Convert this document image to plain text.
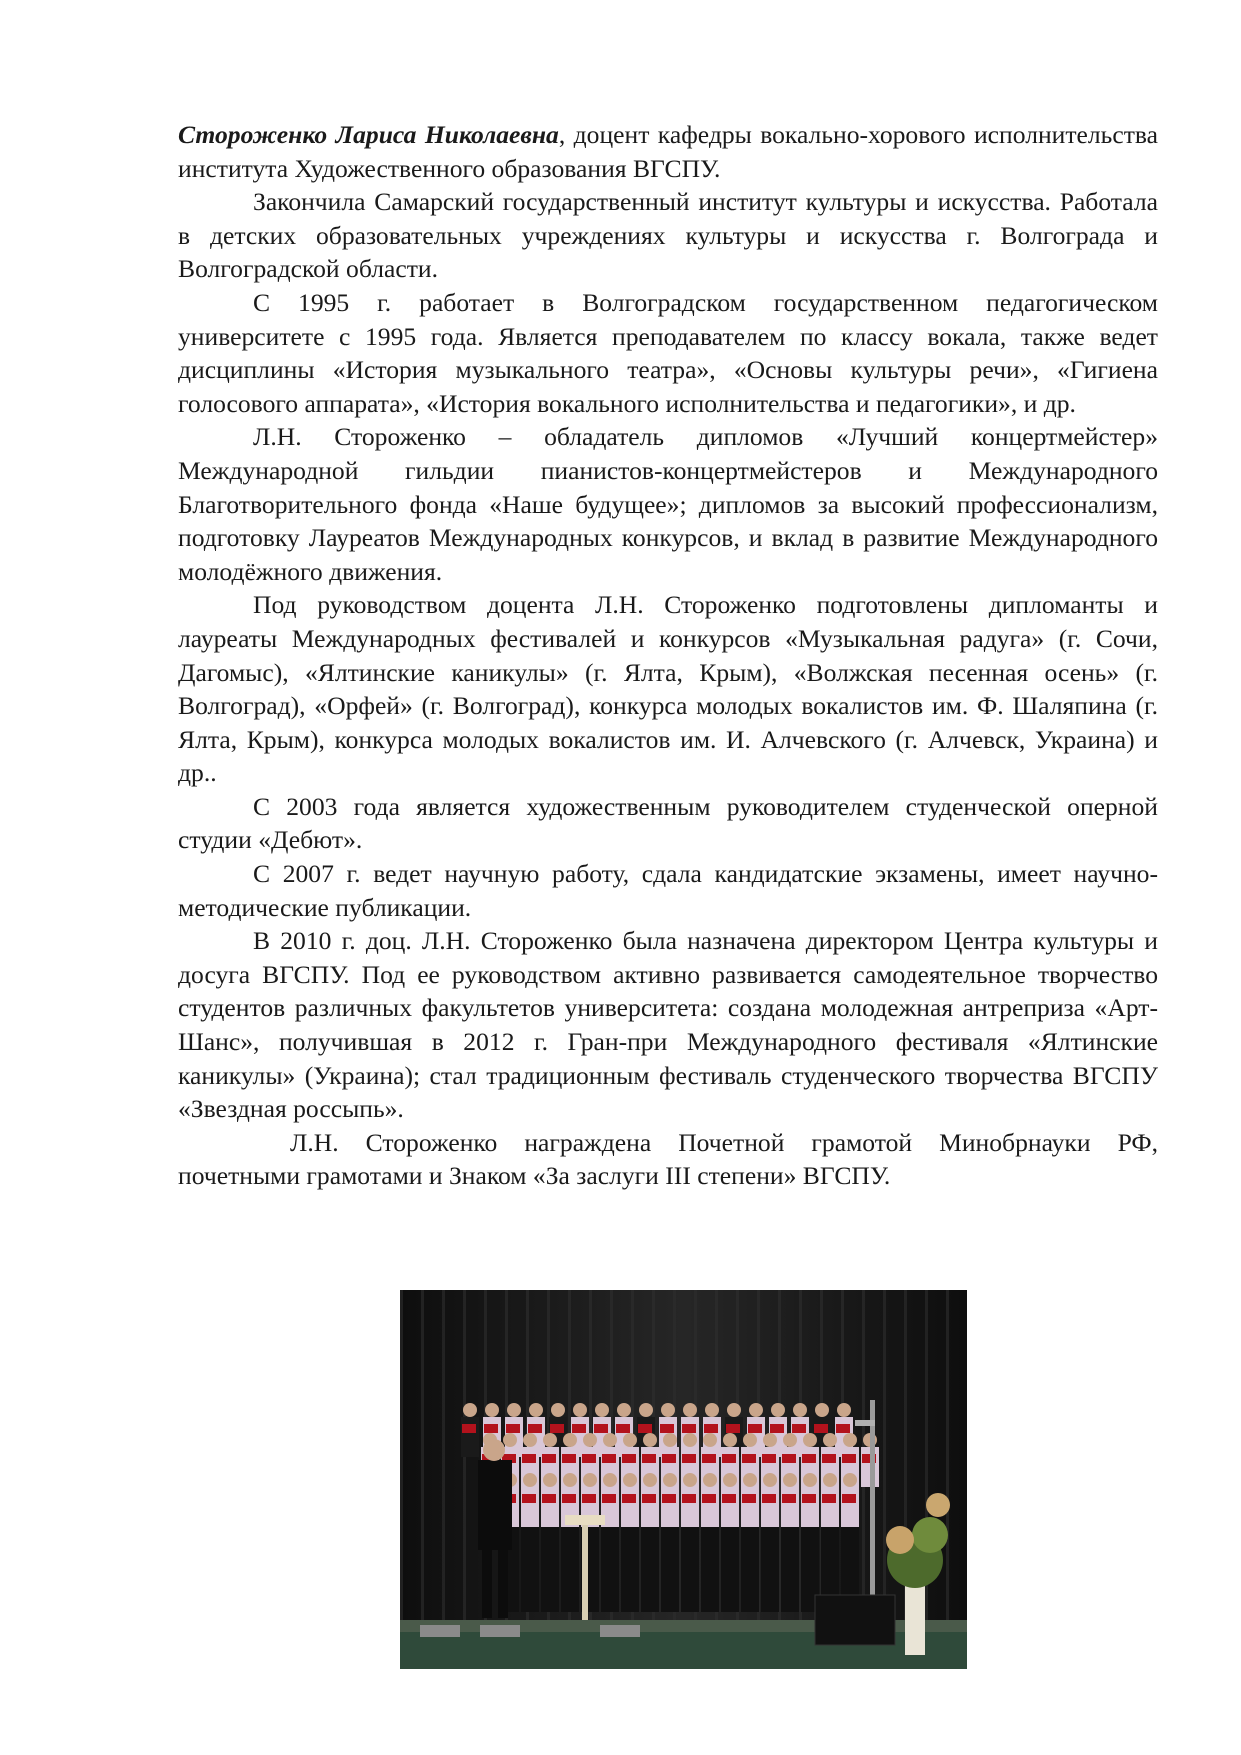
Стороженко Лариса Николаевна, доцент кафедры вокально-хорового исполнительства института Художественного образования ВГСПУ.

Закончила Самарский государственный институт культуры и искусства. Работала в детских образовательных учреждениях культуры и искусства г. Волгограда и Волгоградской области.

С 1995 г. работает в Волгоградском государственном педагогическом университете с 1995 года. Является преподавателем по классу вокала, также ведет дисциплины «История музыкального театра», «Основы культуры речи», «Гигиена голосового аппарата», «История вокального исполнительства и педагогики», и др.

Л.Н. Стороженко – обладатель дипломов «Лучший концертмейстер» Международной гильдии пианистов-концертмейстеров и Международного Благотворительного фонда «Наше будущее»; дипломов за высокий профессионализм, подготовку Лауреатов Международных конкурсов, и вклад в развитие Международного молодёжного движения.

Под руководством доцента Л.Н. Стороженко подготовлены дипломанты и лауреаты Международных фестивалей и конкурсов «Музыкальная радуга» (г. Сочи, Дагомыс), «Ялтинские каникулы» (г. Ялта, Крым), «Волжская песенная осень» (г. Волгоград), «Орфей» (г. Волгоград), конкурса молодых вокалистов им. Ф. Шаляпина (г. Ялта, Крым), конкурса молодых вокалистов им. И. Алчевского (г. Алчевск, Украина) и др..

С 2003 года является художественным руководителем студенческой оперной студии «Дебют».

С 2007 г. ведет научную работу, сдала кандидатские экзамены, имеет научно-методические публикации.

В 2010 г. доц. Л.Н. Стороженко была назначена директором Центра культуры и досуга ВГСПУ. Под ее руководством активно развивается самодеятельное творчество студентов различных факультетов университета: создана молодежная антреприза «Арт-Шанс», получившая в 2012 г. Гран-при Международного фестиваля «Ялтинские каникулы» (Украина); стал традиционным фестиваль студенческого творчества ВГСПУ «Звездная россыпь».

Л.Н. Стороженко награждена Почетной грамотой Минобрнауки РФ, почетными грамотами и Знаком «За заслуги III степени» ВГСПУ.
